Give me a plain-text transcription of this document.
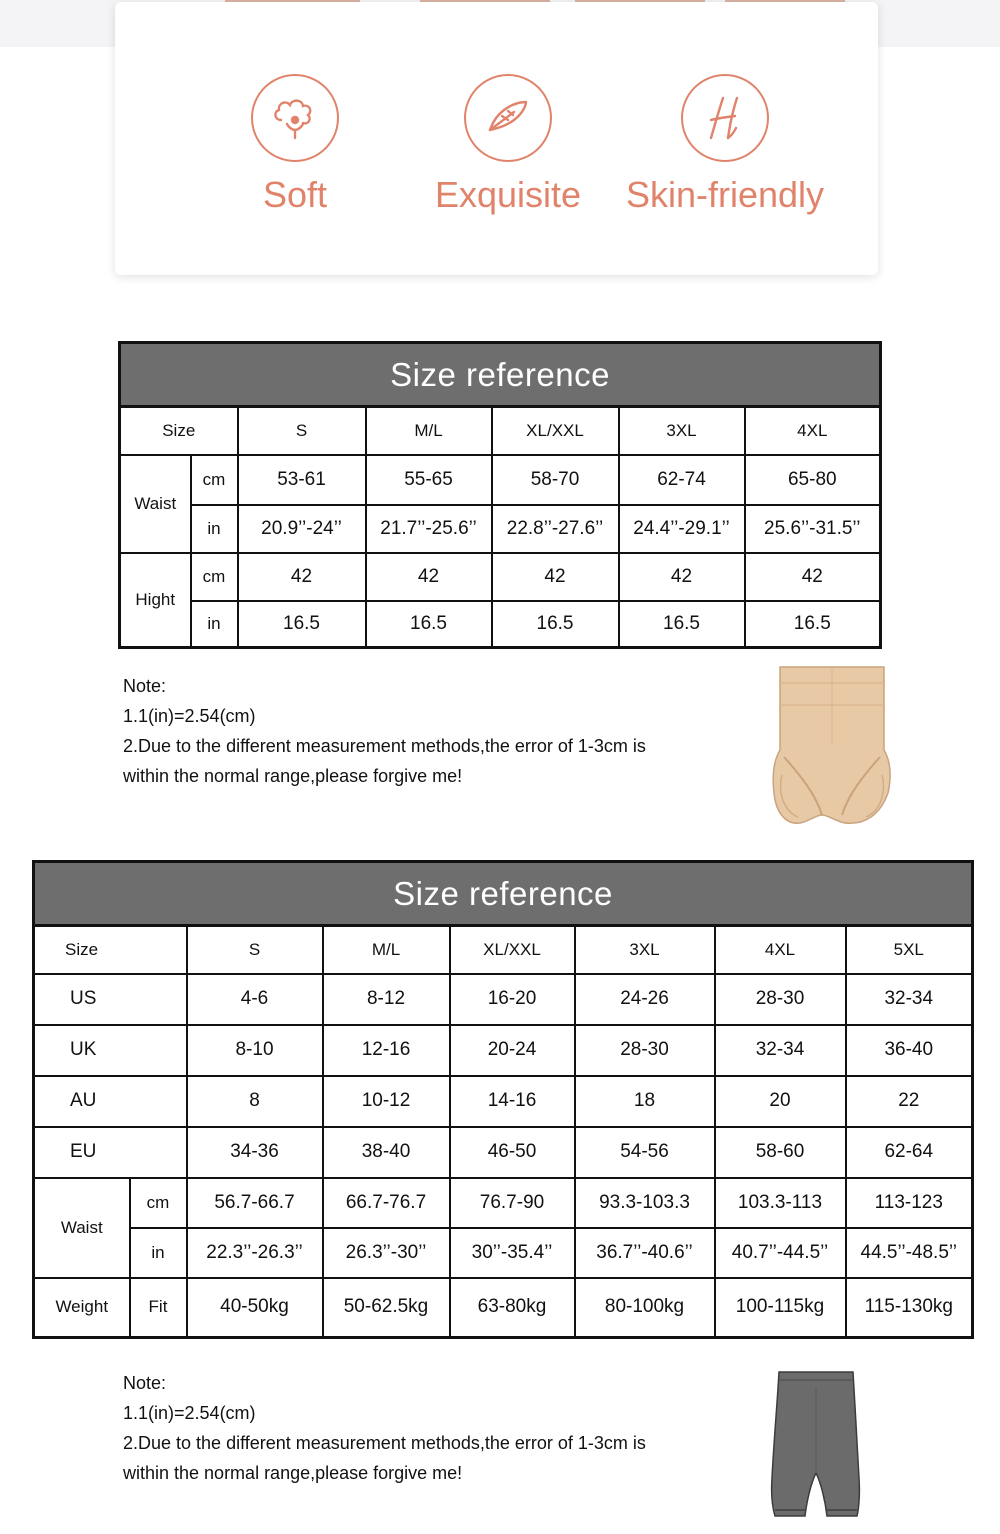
Soft	Exquisite Skin-friendly
Size reference						
Size		S	M/L	XL/XXL	3XL	4XL
Waist	cm	53-61	55-65	58-70	62-74	65-80
	in	20.9’’-24’’	21.7’’-25.6’’	22.8’’-27.6’’	24.4’’-29.1’’	25.6’’-31.5’’
Hight	cm	42	42	42	42	42
	in	16.5	16.5	16.5	16.5	16.5
Note:
1.1(in)=2.54(cm)
2.Due to the different measurement methods,the error of 1-3cm is
within the normal range,please forgive me!
Size reference							
Size		S	M/L	XL/XXL	3XL	4XL	5XL
US		4-6	8-12	16-20	24-26	28-30	32-34
UK		8-10	12-16	20-24	28-30	32-34	36-40
AU		8	10-12	14-16	18	20	22
EU		34-36	38-40	46-50	54-56	58-60	62-64
Waist	cm	56.7-66.7	66.7-76.7	76.7-90	93.3-103.3	103.3-113	113-123
	in	22.3’’-26.3’’	26.3’’-30’’	30’’-35.4’’	36.7’’-40.6’’	40.7’’-44.5’’	44.5’’-48.5’’
Weight	Fit	40-50kg	50-62.5kg	63-80kg	80-100kg	100-115kg	115-130kg
Note:
1.1(in)=2.54(cm)
2.Due to the different measurement methods,the error of 1-3cm is
within the normal range,please forgive me!
